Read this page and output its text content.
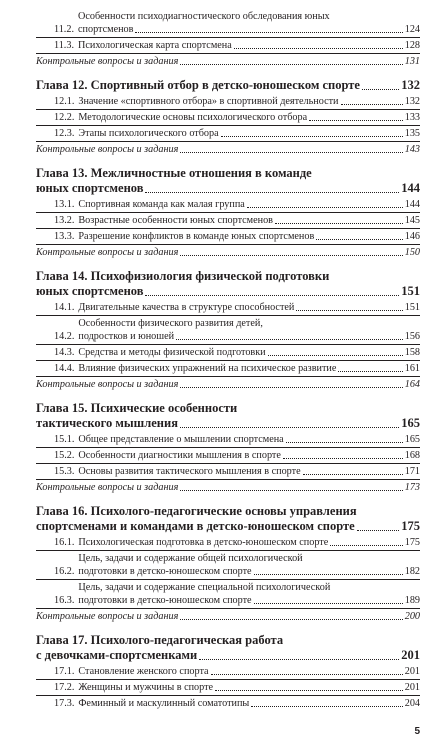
11.2.
Особенности психодиагностического обследования юных
спортсменов	124
11.3. Психологическая карта спортсмена	128
Контрольные вопросы и задания	131
Глава 12. Спортивный отбор в детско-юношеском спорте	132
12.1. Значение «спортивного отбора» в спортивной деятельности	132
12.2. Методологические основы психологического отбора	133
12.3. Этапы психологического отбора	135
Контрольные вопросы и задания	143
Глава 13. Межличностные отношения в команде
юных спортсменов	144
13.1. Спортивная команда как малая группа	144
13.2. Возрастные особенности юных спортсменов	145
13.3. Разрешение конфликтов в команде юных спортсменов	146
Контрольные вопросы и задания	150
Глава 14. Психофизиология физической подготовки
юных спортсменов	151
14.1. Двигательные качества в структуре способностей	151
14.2.
Особенности физического развития детей,
подростков и юношей	156
14.3. Средства и методы физической подготовки	158
14.4. Влияние физических упражнений на психическое развитие	161
Контрольные вопросы и задания	164
Глава 15. Психические особенности
тактического мышления	165
15.1. Общее представление о мышлении спортсмена	165
15.2. Особенности диагностики мышления в спорте	168
15.3. Основы развития тактического мышления в спорте	171
Контрольные вопросы и задания	173
Глава 16. Психолого-педагогические основы управления
спортсменами и командами в детско-юношеском спорте	175
16.1. Психологическая подготовка в детско-юношеском спорте	175
16.2.
Цель, задачи и содержание общей психологической
подготовки в детско-юношеском спорте	182
16.3.
Цель, задачи и содержание специальной психологической
подготовки в детско-юношеском спорте	189
Контрольные вопросы и задания	200
Глава 17. Психолого-педагогическая работа
с девочками-спортсменками	201
17.1. Становление женского спорта	201
17.2. Женщины и мужчины в спорте	201
17.3. Феминный и маскулинный соматотипы	204
5
